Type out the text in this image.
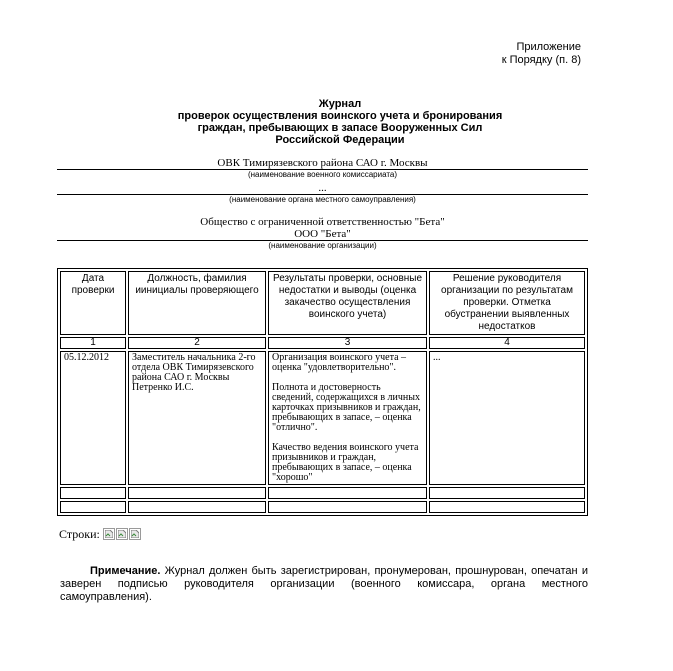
Приложение
к Порядку (п. 8)
Журнал
проверок осуществления воинского учета и бронирования
граждан, пребывающих в запасе Вооруженных Сил
Российской Федерации
ОВК Тимирязевского района САО г. Москвы
(наименование военного комиссариата)
...
(наименование органа местного самоуправления)
Общество с ограниченной ответственностью "Бета"
ООО "Бета"
(наименование организации)
Дата проверки	Должность, фамилия иинициалы проверяющего	Результаты проверки, основные недостатки и выводы (оценка закачество осуществления воинского учета)	Решение руководителя организации по результатам проверки. Отметка обустранении выявленных недостатков
1	2	3	4
05.12.2012	Заместитель начальника 2-го отдела ОВК Тимирязевского района САО г. Москвы Петренко И.С.	Организация воинского учета – оценка "удовлетворительно".

Полнота и достоверность сведений, содержащихся в личных карточках призывников и граждан, пребывающих в запасе, – оценка "отлично".

Качество ведения воинского учета призывников и граждан, пребывающих в запасе, – оценка "хорошо"	...

Строки:
Примечание. Журнал должен быть зарегистрирован, пронумерован, прошнурован, опечатан и заверен подписью руководителя организации (военного комиссара, органа местного самоуправления).
